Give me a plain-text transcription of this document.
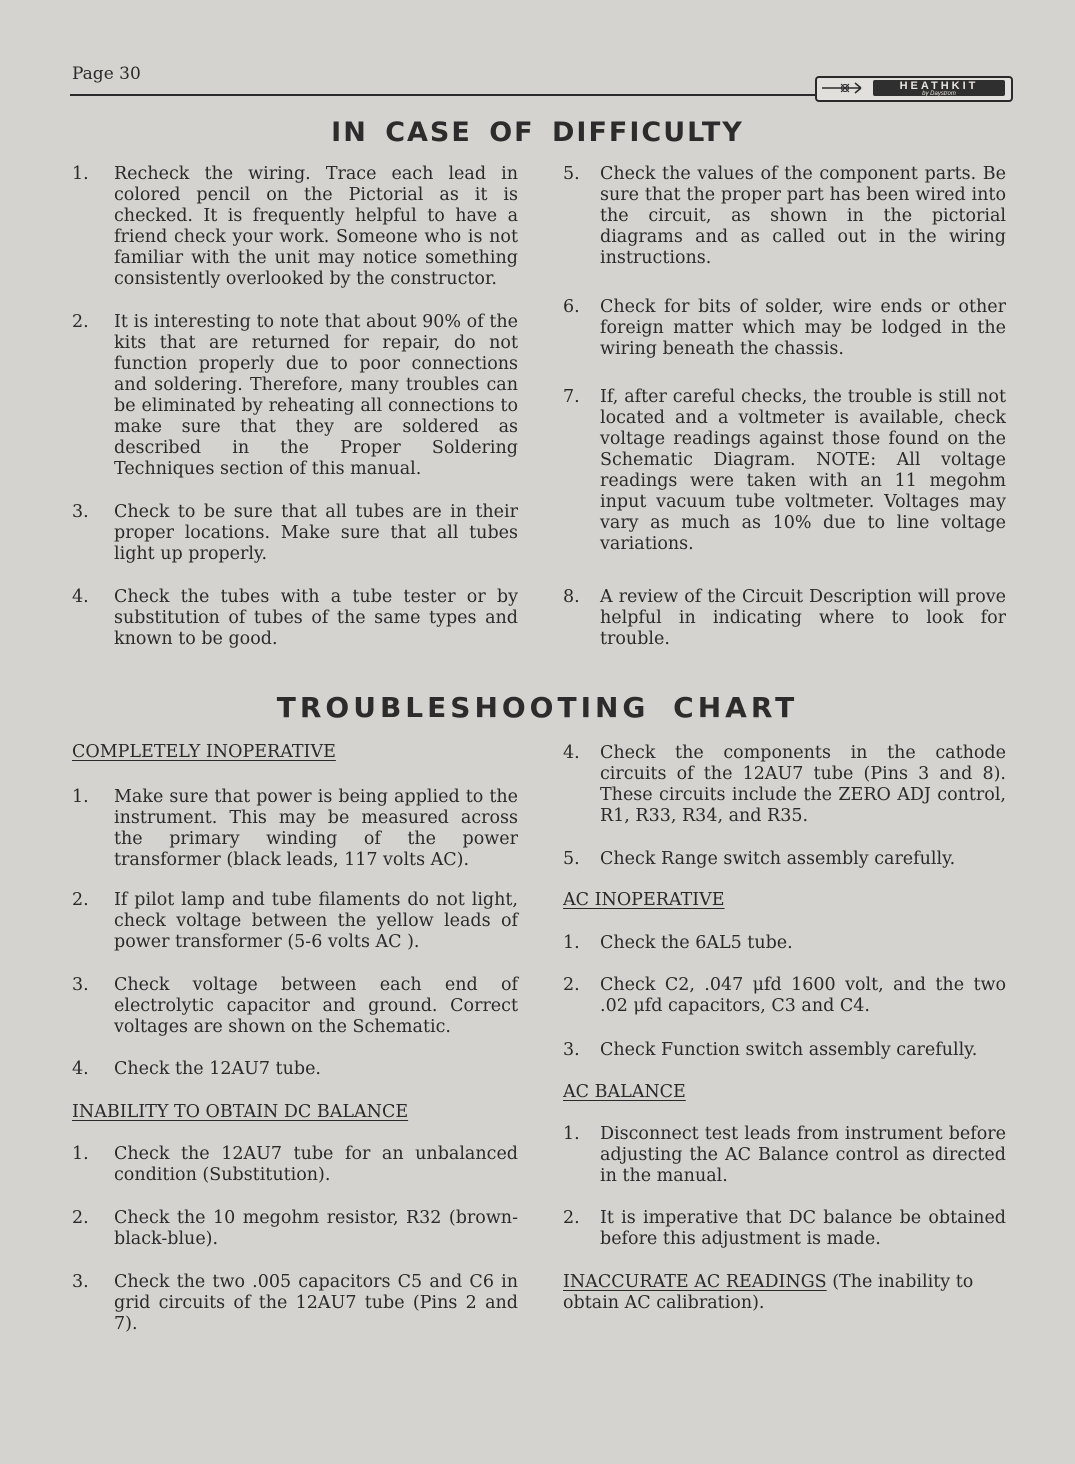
Page 30
HEATHKIT
by Daystrom
IN CASE OF DIFFICULTY
1. Recheck the wiring. Trace each lead in colored pencil on the Pictorial as it is checked. It is frequently helpful to have a friend check your work. Someone who is not familiar with the unit may notice something consistently overlooked by the constructor.
2. It is interesting to note that about 90% of the kits that are returned for repair, do not function properly due to poor connections and soldering. Therefore, many troubles can be eliminated by reheating all connections to make sure that they are soldered as described in the Proper Soldering Techniques section of this manual.
3. Check to be sure that all tubes are in their proper locations. Make sure that all tubes light up properly.
4. Check the tubes with a tube tester or by substitution of tubes of the same types and known to be good.
5. Check the values of the component parts. Be sure that the proper part has been wired into the circuit, as shown in the pictorial diagrams and as called out in the wiring instructions.
6. Check for bits of solder, wire ends or other foreign matter which may be lodged in the wiring beneath the chassis.
7. If, after careful checks, the trouble is still not located and a voltmeter is available, check voltage readings against those found on the Schematic Diagram. NOTE: All voltage readings were taken with an 11 megohm input vacuum tube voltmeter. Voltages may vary as much as 10% due to line voltage variations.
8. A review of the Circuit Description will prove helpful in indicating where to look for trouble.
TROUBLESHOOTING CHART
COMPLETELY INOPERATIVE
1. Make sure that power is being applied to the instrument. This may be measured across the primary winding of the power transformer (black leads, 117 volts AC).
2. If pilot lamp and tube filaments do not light, check voltage between the yellow leads of power transformer (5-6 volts AC ).
3. Check voltage between each end of electrolytic capacitor and ground. Correct voltages are shown on the Schematic.
4. Check the 12AU7 tube.
INABILITY TO OBTAIN DC BALANCE
1. Check the 12AU7 tube for an unbalanced condition (Substitution).
2. Check the 10 megohm resistor, R32 (brown-black-blue).
3. Check the two .005 capacitors C5 and C6 in grid circuits of the 12AU7 tube (Pins 2 and 7).
4. Check the components in the cathode circuits of the 12AU7 tube (Pins 3 and 8). These circuits include the ZERO ADJ control, R1, R33, R34, and R35.
5. Check Range switch assembly carefully.
AC INOPERATIVE
1. Check the 6AL5 tube.
2. Check C2, .047 μfd 1600 volt, and the two .02 μfd capacitors, C3 and C4.
3. Check Function switch assembly carefully.
AC BALANCE
1. Disconnect test leads from instrument before adjusting the AC Balance control as directed in the manual.
2. It is imperative that DC balance be obtained before this adjustment is made.
INACCURATE AC READINGS (The inability to obtain AC calibration).
